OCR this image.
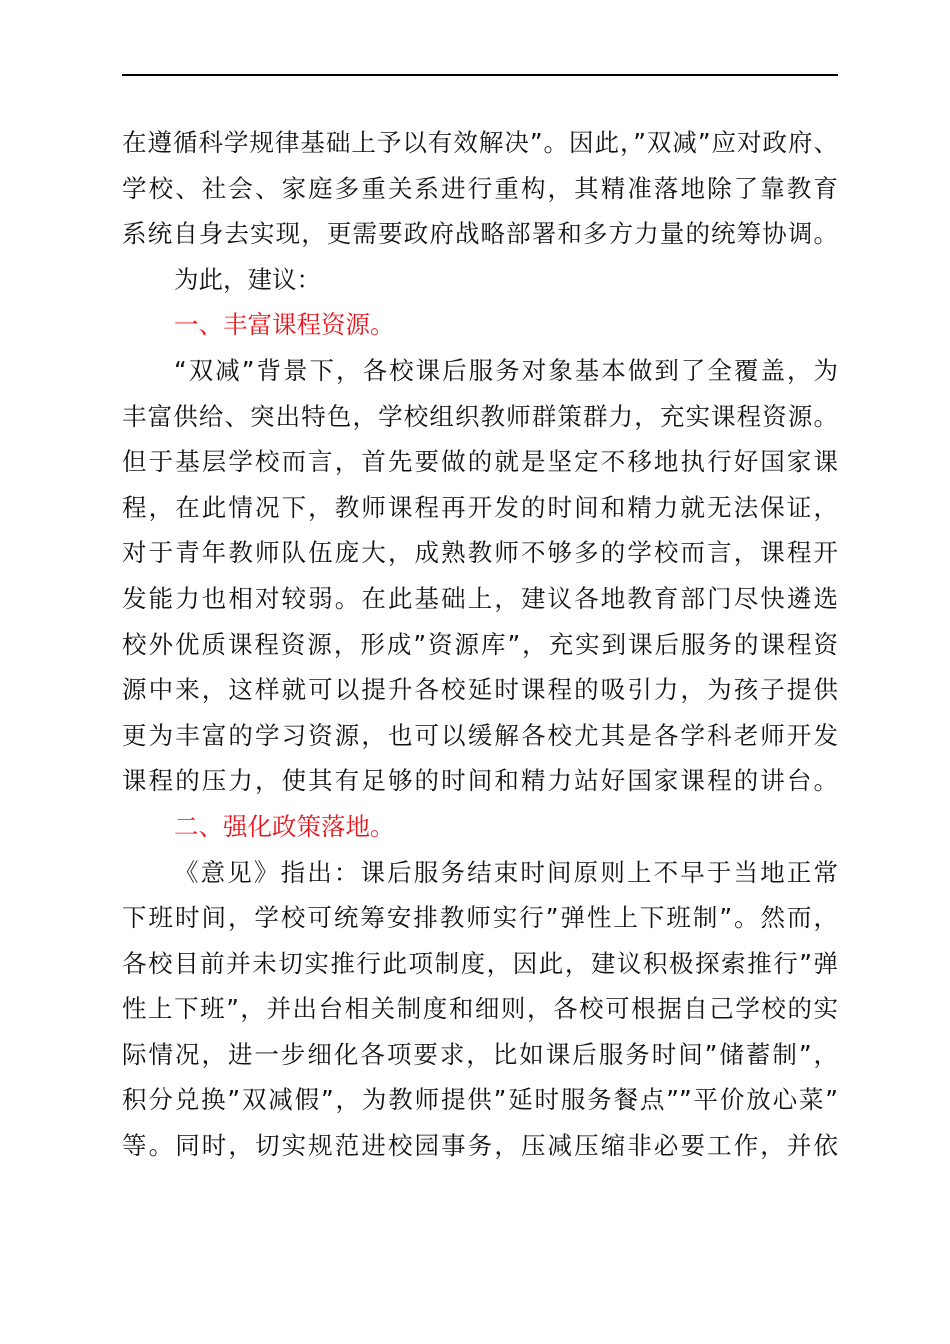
在遵循科学规律基础上予以有效解决”。因此，”双减”应对政府、
学校、社会、家庭多重关系进行重构，其精准落地除了靠教育
系统自身去实现，更需要政府战略部署和多方力量的统筹协调。
为此，建议：
一、丰富课程资源。
“双减”背景下，各校课后服务对象基本做到了全覆盖，为
丰富供给、突出特色，学校组织教师群策群力，充实课程资源。
但于基层学校而言，首先要做的就是坚定不移地执行好国家课
程，在此情况下，教师课程再开发的时间和精力就无法保证，
对于青年教师队伍庞大，成熟教师不够多的学校而言，课程开
发能力也相对较弱。在此基础上，建议各地教育部门尽快遴选
校外优质课程资源，形成”资源库”，充实到课后服务的课程资
源中来，这样就可以提升各校延时课程的吸引力，为孩子提供
更为丰富的学习资源，也可以缓解各校尤其是各学科老师开发
课程的压力，使其有足够的时间和精力站好国家课程的讲台。
二、强化政策落地。
《意见》指出：课后服务结束时间原则上不早于当地正常
下班时间，学校可统筹安排教师实行”弹性上下班制”。然而，
各校目前并未切实推行此项制度，因此，建议积极探索推行”弹
性上下班”，并出台相关制度和细则，各校可根据自己学校的实
际情况，进一步细化各项要求，比如课后服务时间”储蓄制”，
积分兑换”双减假”，为教师提供”延时服务餐点””平价放心菜”
等。同时，切实规范进校园事务，压减压缩非必要工作，并依
